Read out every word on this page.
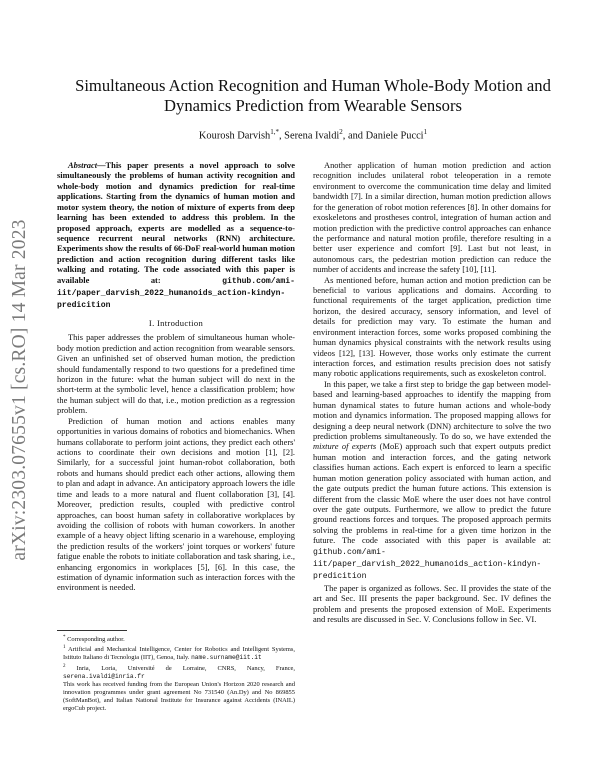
arXiv:2303.07655v1 [cs.RO] 14 Mar 2023
Simultaneous Action Recognition and Human Whole-Body Motion and Dynamics Prediction from Wearable Sensors
Kourosh Darvish$^{1,*}$, Serena Ivaldi$^2$, and Daniele Pucci$^1$

Abstract—This paper presents a novel approach to solve simultaneously the problems of human activity recognition and whole-body motion and dynamics prediction for real-time applications. Starting from the dynamics of human motion and motor system theory, the notion of mixture of experts from deep learning has been extended to address this problem. In the proposed approach, experts are modelled as a sequence-to-sequence recurrent neural networks (RNN) architecture. Experiments show the results of 66-DoF real-world human motion prediction and action recognition during different tasks like walking and rotating. The code associated with this paper is available at: github.com/ami-iit/paper_darvish_2022_humanoids_action-kindyn-predicition

I. Introduction

This paper addresses the problem of simultaneous human whole-body motion prediction and action recognition from wearable sensors. Given an unfinished set of observed human motion, the prediction should fundamentally respond to two questions for a predefined time horizon in the future: what the human subject will do next in the short-term at the symbolic level, hence a classification problem; how the human subject will do that, i.e., motion prediction as a regression problem.

Prediction of human motion and actions enables many opportunities in various domains of robotics and biomechanics. When humans collaborate to perform joint actions, they predict each others' actions to coordinate their own decisions and motion [1], [2]. Similarly, for a successful joint human-robot collaboration, both robots and humans should predict each other actions, allowing them to plan and adapt in advance. An anticipatory approach lowers the idle time and leads to a more natural and fluent collaboration [3], [4]. Moreover, prediction results, coupled with predictive control approaches, can boost human safety in collaborative workplaces by avoiding the collision of robots with human coworkers. In another example of a heavy object lifting scenario in a warehouse, employing the prediction results of the workers' joint torques or workers' future fatigue enable the robots to initiate collaboration and task sharing, i.e., enhancing ergonomics in workplaces [5], [6]. In this case, the estimation of dynamic information such as interaction forces with the environment is needed.

* Corresponding author.

$^1$ Artificial and Mechanical Intelligence, Center for Robotics and Intelligent Systems, Istituto Italiano di Tecnologia (IIT), Genoa, Italy. name.surname@iit.it

$^2$ Inria, Loria, Université de Lorraine, CNRS, Nancy, France, serena.ivaldi@inria.fr

This work has received funding from the European Union's Horizon 2020 research and innovation programmes under grant agreement No 731540 (An.Dy) and No 869855 (SoftManBot), and Italian National Institute for Insurance against Accidents (INAIL) ergoCub project.

Another application of human motion prediction and action recognition includes unilateral robot teleoperation in a remote environment to overcome the communication time delay and limited bandwidth [7]. In a similar direction, human motion prediction allows for the generation of robot motion references [8]. In other domains for exoskeletons and prostheses control, integration of human action and motion prediction with the predictive control approaches can enhance the performance and natural motion profile, therefore resulting in a better user experience and comfort [9]. Last but not least, in autonomous cars, the pedestrian motion prediction can reduce the number of accidents and increase the safety [10], [11].

As mentioned before, human action and motion prediction can be beneficial to various applications and domains. According to functional requirements of the target application, prediction time horizon, the desired accuracy, sensory information, and level of details for prediction may vary. To estimate the human and environment interaction forces, some works proposed combining the human dynamics physical constraints with the network results using videos [12], [13]. However, those works only estimate the current interaction forces, and estimation results precision does not satisfy many robotic applications requirements, such as exoskeleton control.

In this paper, we take a first step to bridge the gap between model-based and learning-based approaches to identify the mapping from human dynamical states to future human actions and whole-body motion and dynamics information. The proposed mapping allows for designing a deep neural network (DNN) architecture to solve the two prediction problems simultaneously. To do so, we have extended the mixture of experts (MoE) approach such that expert outputs predict human motion and interaction forces, and the gating network classifies human actions. Each expert is enforced to learn a specific human motion generation policy associated with human action, and the gate outputs predict the human future actions. This extension is different from the classic MoE where the user does not have control over the gate outputs. Furthermore, we allow to predict the future ground reactions forces and torques. The proposed approach permits solving the problems in real-time for a given time horizon in the future. The code associated with this paper is available at: github.com/ami-iit/paper_darvish_2022_humanoids_action-kindyn-predicition

The paper is organized as follows. Sec. II provides the state of the art and Sec. III presents the paper background. Sec. IV defines the problem and presents the proposed extension of MoE. Experiments and results are discussed in Sec. V. Conclusions follow in Sec. VI.
